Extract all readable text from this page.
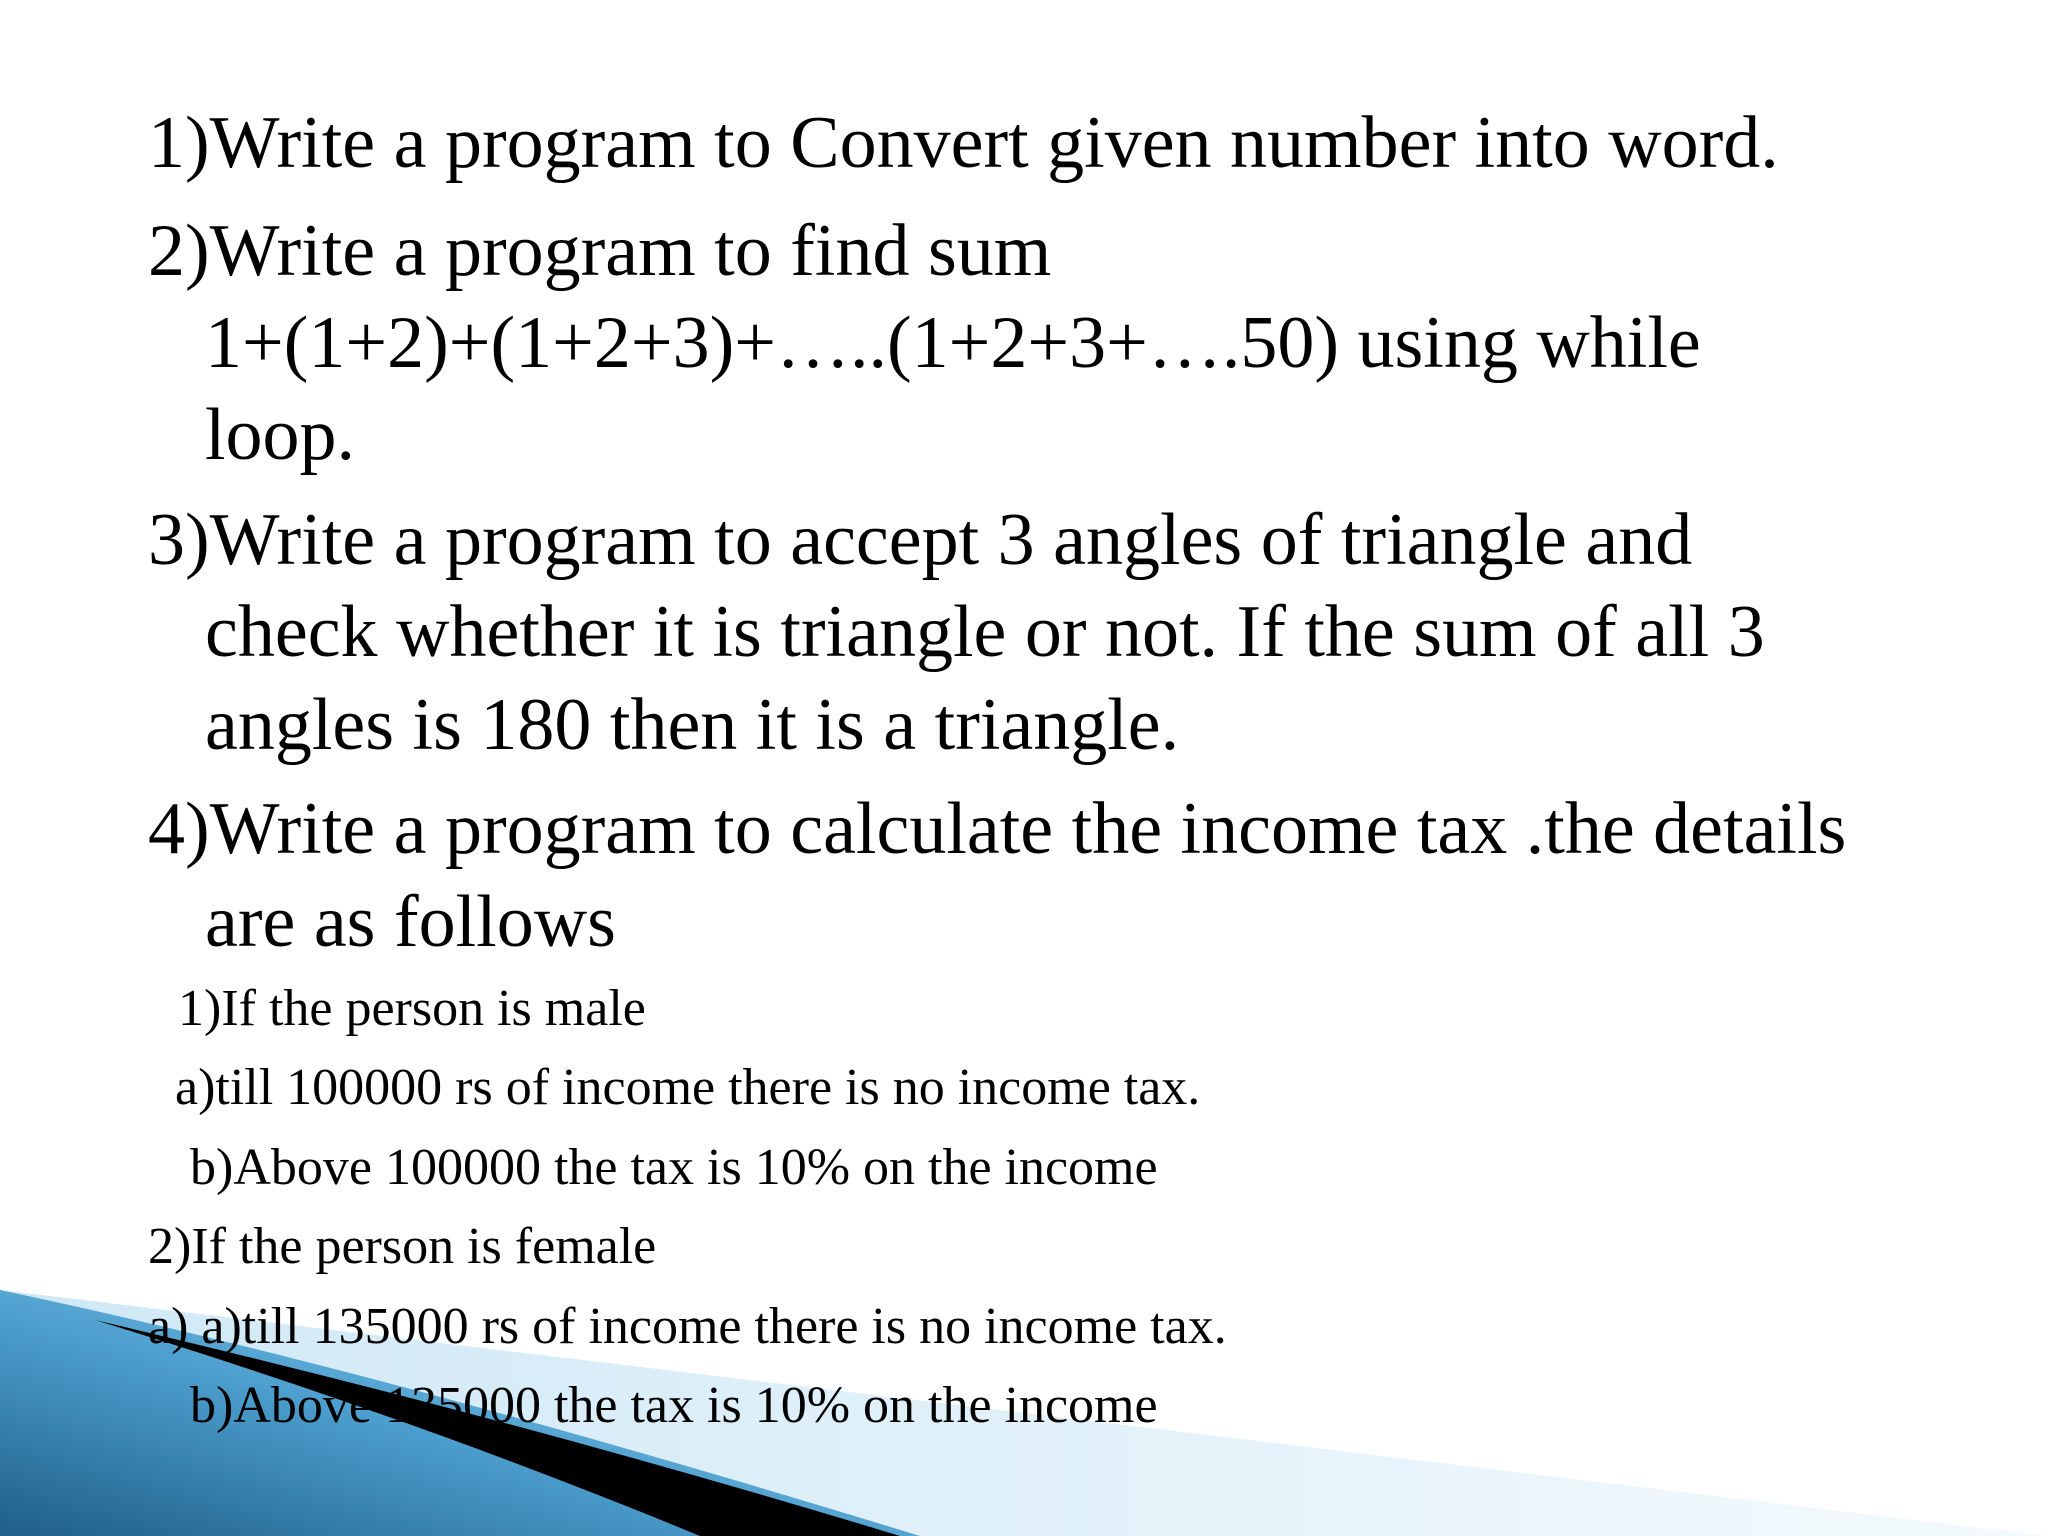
1)Write a program to Convert given number into word.
2)Write a program to find sum
1+(1+2)+(1+2+3)+…..(1+2+3+….50) using while
loop.
3)Write a program to accept 3 angles of triangle and
check whether it is triangle or not. If the sum of all 3
angles is 180 then it is a triangle.
4)Write a program to calculate the income tax .the details
are as follows
1)If the person is male
a)till 100000 rs of income there is no income tax.
b)Above 100000 the tax is 10% on the income
2)If the person is female
a) a)till 135000 rs of income there is no income tax.
b)Above 135000 the tax is 10% on the income
